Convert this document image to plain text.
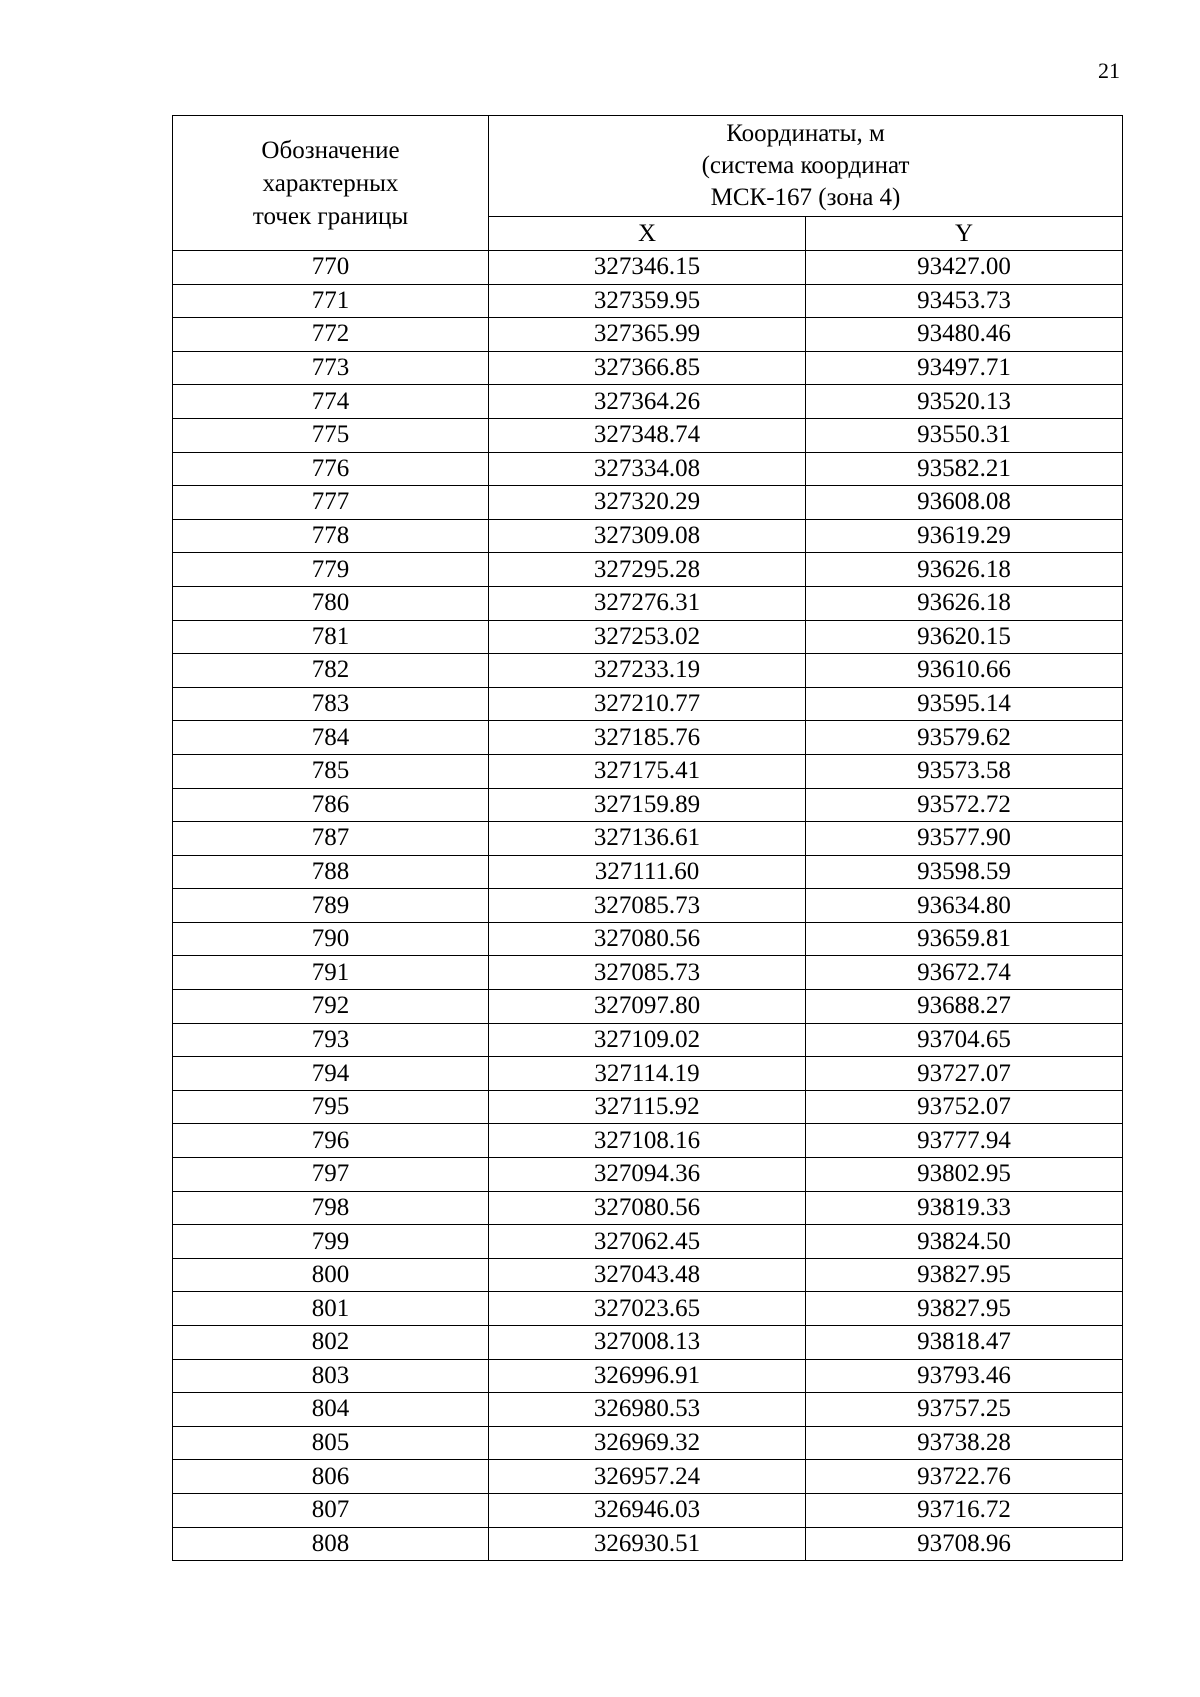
21
Обозначение
характерных
точек границы	Координаты, м
(система координат
МСК-167 (зона 4)	

	X	Y
770	327346.15	93427.00
771	327359.95	93453.73
772	327365.99	93480.46
773	327366.85	93497.71
774	327364.26	93520.13
775	327348.74	93550.31
776	327334.08	93582.21
777	327320.29	93608.08
778	327309.08	93619.29
779	327295.28	93626.18
780	327276.31	93626.18
781	327253.02	93620.15
782	327233.19	93610.66
783	327210.77	93595.14
784	327185.76	93579.62
785	327175.41	93573.58
786	327159.89	93572.72
787	327136.61	93577.90
788	327111.60	93598.59
789	327085.73	93634.80
790	327080.56	93659.81
791	327085.73	93672.74
792	327097.80	93688.27
793	327109.02	93704.65
794	327114.19	93727.07
795	327115.92	93752.07
796	327108.16	93777.94
797	327094.36	93802.95
798	327080.56	93819.33
799	327062.45	93824.50
800	327043.48	93827.95
801	327023.65	93827.95
802	327008.13	93818.47
803	326996.91	93793.46
804	326980.53	93757.25
805	326969.32	93738.28
806	326957.24	93722.76
807	326946.03	93716.72
808	326930.51	93708.96
